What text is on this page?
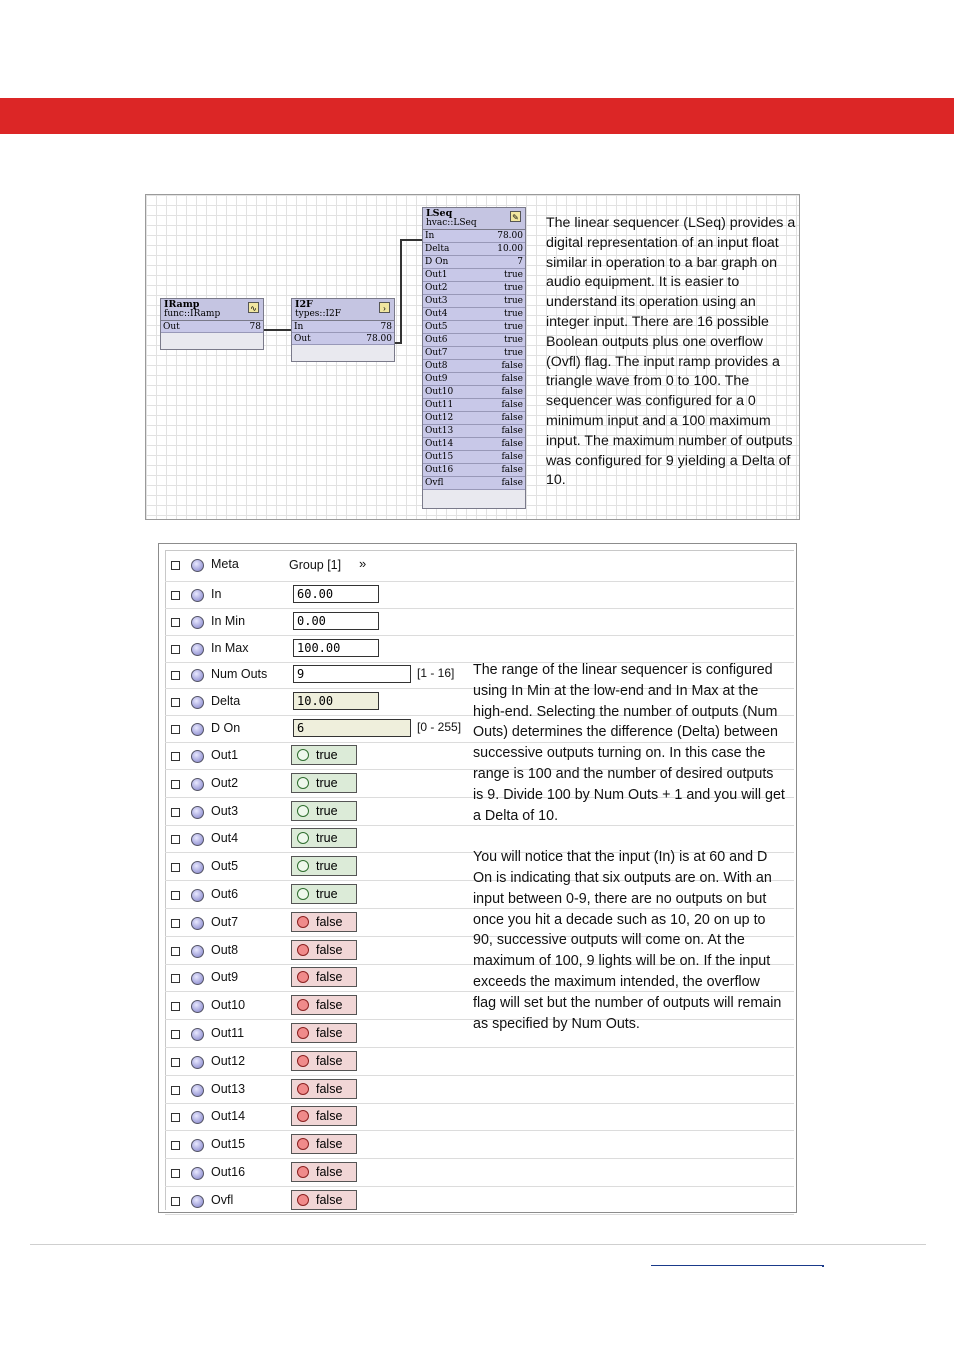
IRamp
func::IRamp
∿
Out	78
I2F
types::I2F
›
In	78
Out	78.00
LSeq
hvac::LSeq
✎
In	78.00
Delta	10.00
D On	7
Out1	true
Out2	true
Out3	true
Out4	true
Out5	true
Out6	true
Out7	true
Out8	false
Out9	false
Out10	false
Out11	false
Out12	false
Out13	false
Out14	false
Out15	false
Out16	false
Ovfl	false
The linear sequencer (LSeq) provides a digital representation of an input float similar in operation to a bar graph on audio equipment. It is easier to understand its operation using an integer input. There are 16 possible Boolean outputs plus one overflow (Ovfl) flag. The input ramp provides a triangle wave from 0 to 100. The sequencer was configured for a 0 minimum input and a 100 maximum input. The maximum number of outputs was configured for 9 yielding a Delta of 10.
Meta	Group [1] »
In	60.00
In Min	0.00
In Max	100.00
Num Outs	9	[1 - 16]
Delta	10.00
D On	6	[0 - 255]
Out1	true
Out2	true
Out3	true
Out4	true
Out5	true
Out6	true
Out7	false
Out8	false
Out9	false
Out10	false
Out11	false
Out12	false
Out13	false
Out14	false
Out15	false
Out16	false
Ovfl	false

The range of the linear sequencer is configured using In Min at the low-end and In Max at the high-end. Selecting the number of outputs (Num Outs) determines the difference (Delta) between successive outputs turning on. In this case the range is 100 and the number of desired outputs is 9. Divide 100 by Num Outs + 1 and you will get a Delta of 10.

You will notice that the input (In) is at 60 and D On is indicating that six outputs are on. With an input between 0-9, there are no outputs on but once you hit a decade such as 10, 20 on up to 90, successive outputs will come on. At the maximum of 100, 9 lights will be on. If the input exceeds the maximum intended, the overflow flag will set but the number of outputs will remain as specified by Num Outs.
